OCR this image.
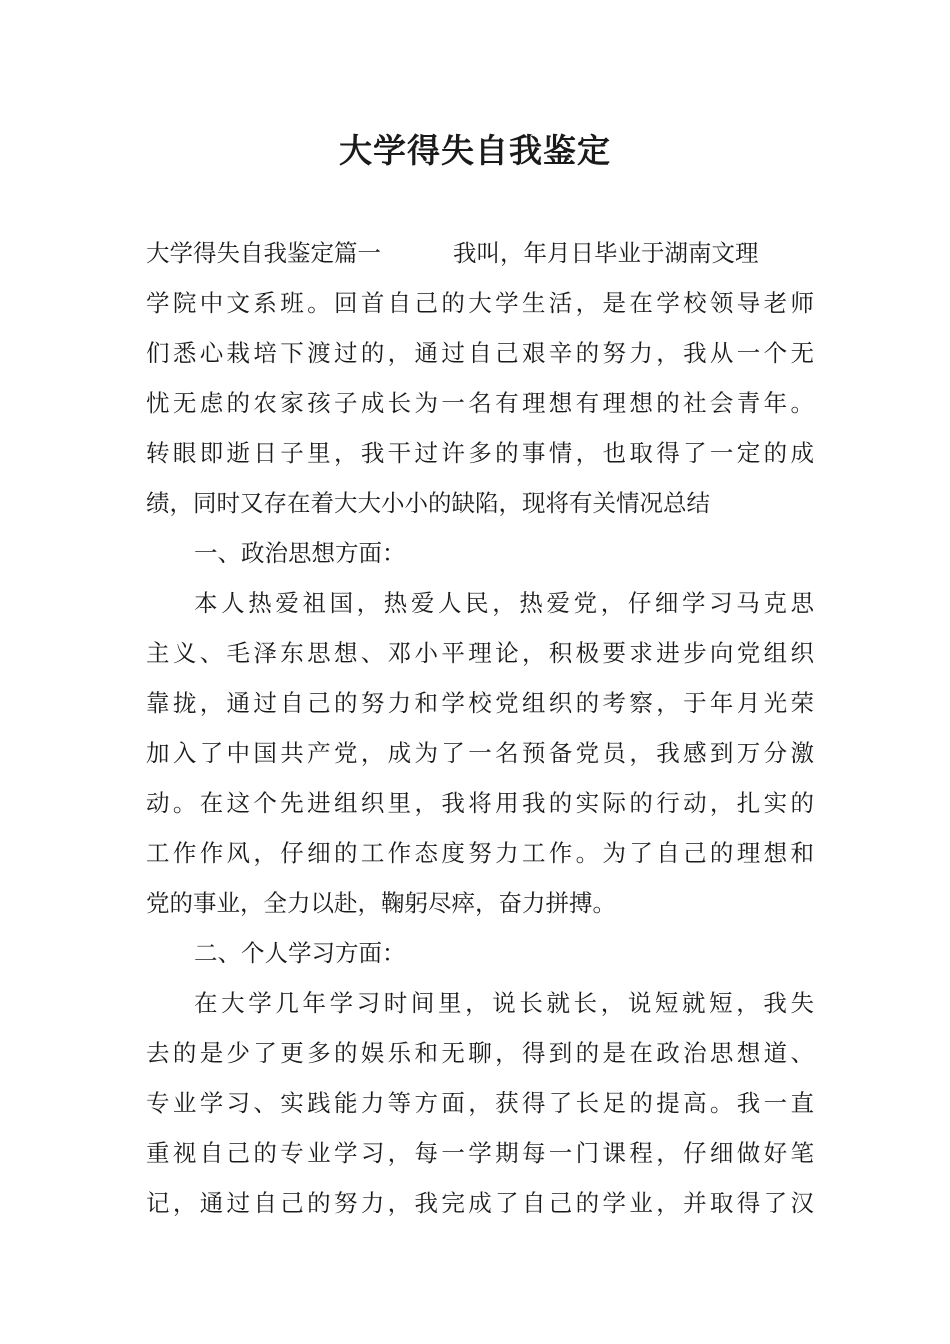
大学得失自我鉴定
大学得失自我鉴定篇一	我叫，年月日毕业于湖南文理
学院中文系班。回首自己的大学生活，是在学校领导老师
们悉心栽培下渡过的，通过自己艰辛的努力，我从一个无
忧无虑的农家孩子成长为一名有理想有理想的社会青年。
转眼即逝日子里，我干过许多的事情，也取得了一定的成
绩，同时又存在着大大小小的缺陷，现将有关情况总结
一、政治思想方面：
本人热爱祖国，热爱人民，热爱党，仔细学习马克思
主义、毛泽东思想、邓小平理论，积极要求进步向党组织
靠拢，通过自己的努力和学校党组织的考察，于年月光荣
加入了中国共产党，成为了一名预备党员，我感到万分激
动。在这个先进组织里，我将用我的实际的行动，扎实的
工作作风，仔细的工作态度努力工作。为了自己的理想和
党的事业，全力以赴，鞠躬尽瘁，奋力拼搏。
二、个人学习方面：
在大学几年学习时间里，说长就长，说短就短，我失
去的是少了更多的娱乐和无聊，得到的是在政治思想道、
专业学习、实践能力等方面，获得了长足的提高。我一直
重视自己的专业学习，每一学期每一门课程，仔细做好笔
记，通过自己的努力，我完成了自己的学业，并取得了汉
